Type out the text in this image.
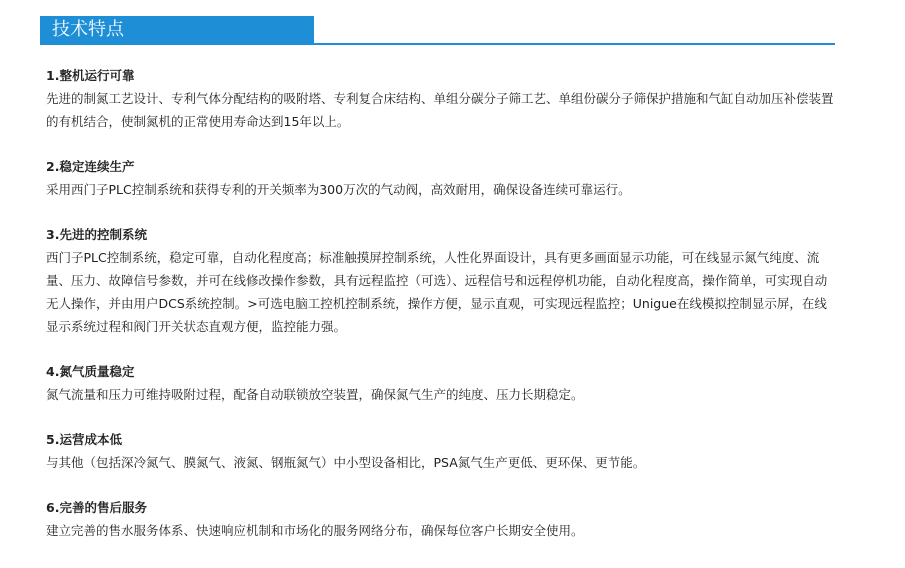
技术特点

1.整机运行可靠

先进的制氮工艺设计、专利气体分配结构的吸附塔、专利复合床结构、单组分碳分子筛工艺、单组份碳分子筛保护措施和气缸自动加压补偿装置的有机结合，使制氮机的正常使用寿命达到15年以上。

2.稳定连续生产

采用西门子PLC控制系统和获得专利的开关频率为300万次的气动阀，高效耐用，确保设备连续可靠运行。

3.先进的控制系统

西门子PLC控制系统，稳定可靠，自动化程度高；标准触摸屏控制系统，人性化界面设计，具有更多画面显示功能，可在线显示氮气纯度、流量、压力、故障信号参数，并可在线修改操作参数，具有远程监控（可选）、远程信号和远程停机功能，自动化程度高，操作简单，可实现自动无人操作，并由用户DCS系统控制。>可选电脑工控机控制系统，操作方便，显示直观，可实现远程监控；Unigue在线模拟控制显示屏，在线显示系统过程和阀门开关状态直观方便，监控能力强。

4.氮气质量稳定

氮气流量和压力可维持吸附过程，配备自动联锁放空装置，确保氮气生产的纯度、压力长期稳定。

5.运营成本低

与其他（包括深冷氮气、膜氮气、液氮、钢瓶氮气）中小型设备相比，PSA氮气生产更低、更环保、更节能。

6.完善的售后服务

建立完善的售水服务体系、快速响应机制和市场化的服务网络分布，确保每位客户长期安全使用。
